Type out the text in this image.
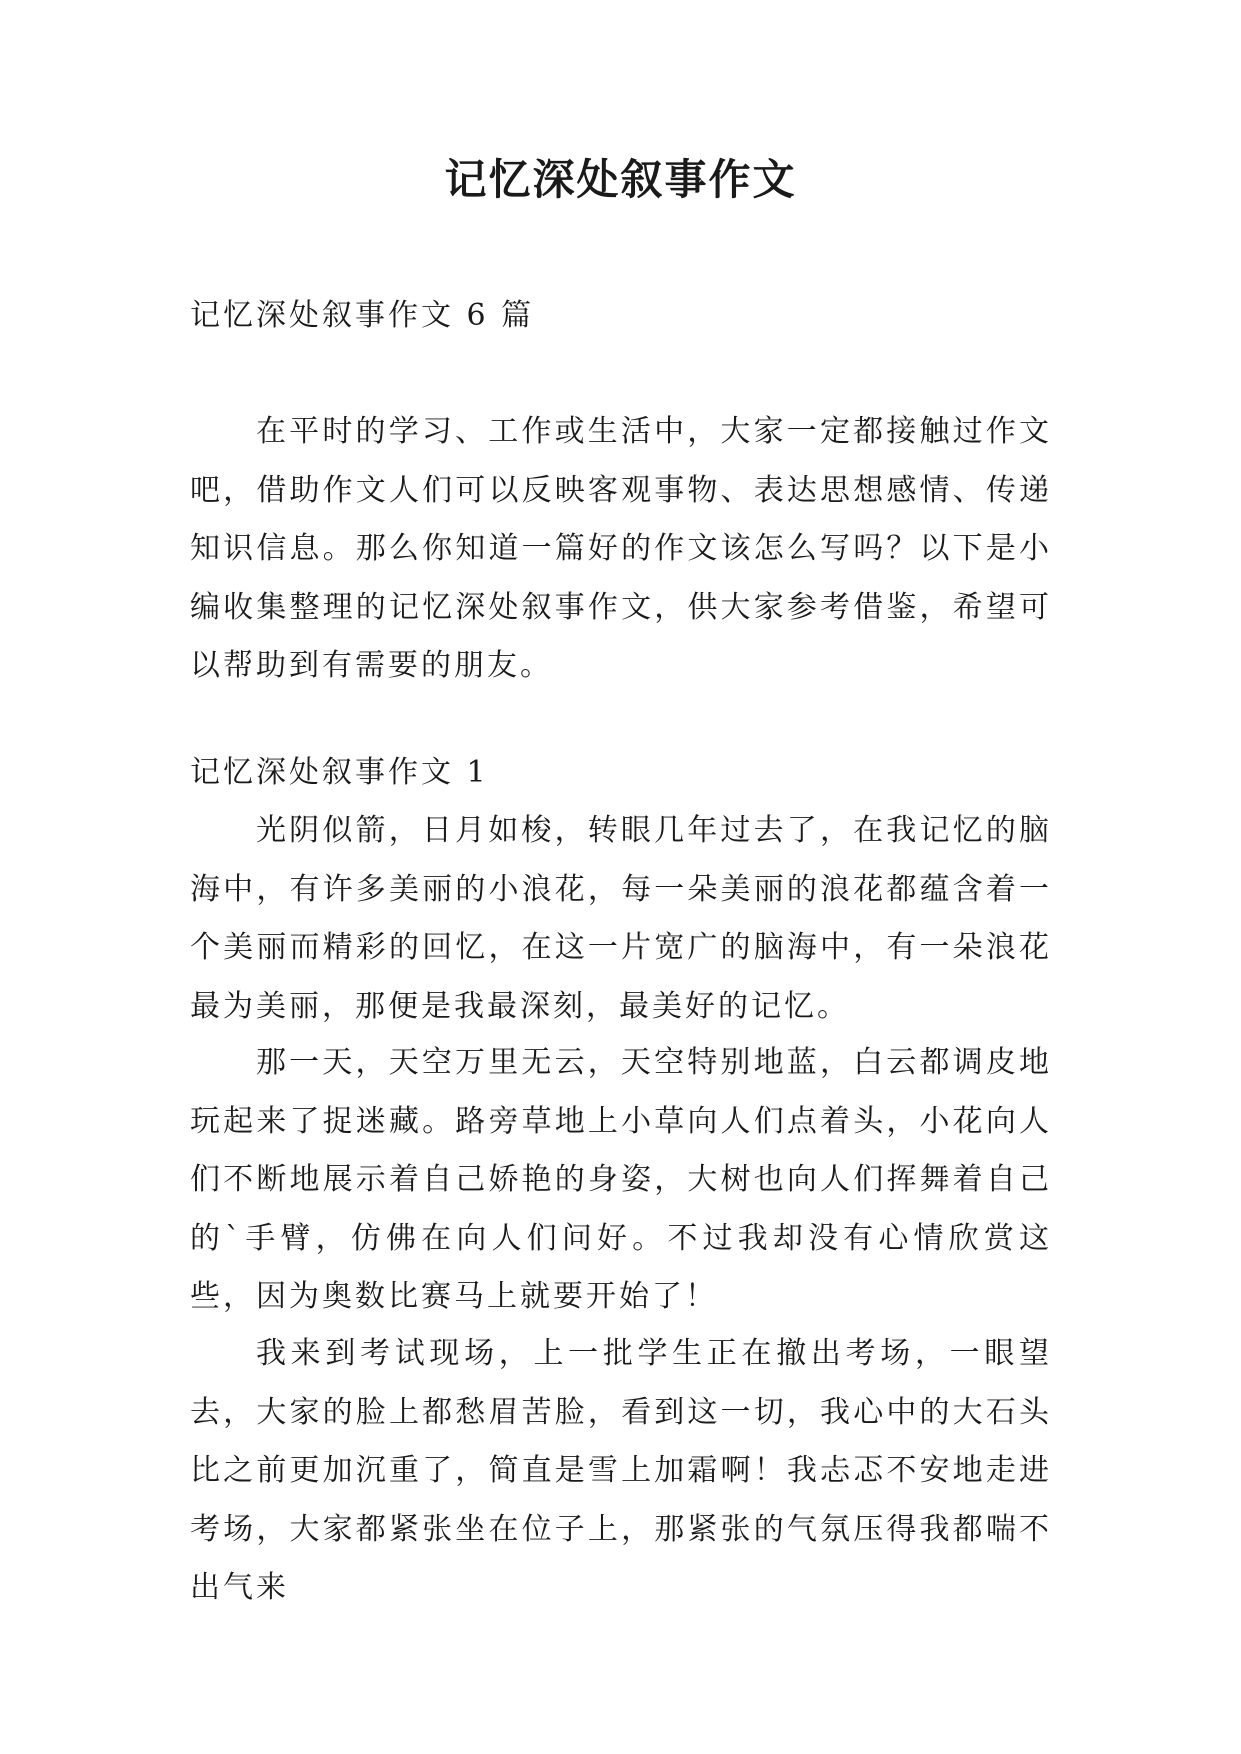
记忆深处叙事作文

记忆深处叙事作文 6 篇

在平时的学习、工作或生活中，大家一定都接触过作文吧，借助作文人们可以反映客观事物、表达思想感情、传递知识信息。那么你知道一篇好的作文该怎么写吗？以下是小编收集整理的记忆深处叙事作文，供大家参考借鉴，希望可以帮助到有需要的朋友。

记忆深处叙事作文 1

光阴似箭，日月如梭，转眼几年过去了，在我记忆的脑海中，有许多美丽的小浪花，每一朵美丽的浪花都蕴含着一个美丽而精彩的回忆，在这一片宽广的脑海中，有一朵浪花最为美丽，那便是我最深刻，最美好的记忆。

那一天，天空万里无云，天空特别地蓝，白云都调皮地玩起来了捉迷藏。路旁草地上小草向人们点着头，小花向人们不断地展示着自己娇艳的身姿，大树也向人们挥舞着自己的`手臂，仿佛在向人们问好。不过我却没有心情欣赏这些，因为奥数比赛马上就要开始了！

我来到考试现场，上一批学生正在撤出考场，一眼望去，大家的脸上都愁眉苦脸，看到这一切，我心中的大石头比之前更加沉重了，简直是雪上加霜啊！我忐忑不安地走进考场，大家都紧张坐在位子上，那紧张的气氛压得我都喘不出气来
